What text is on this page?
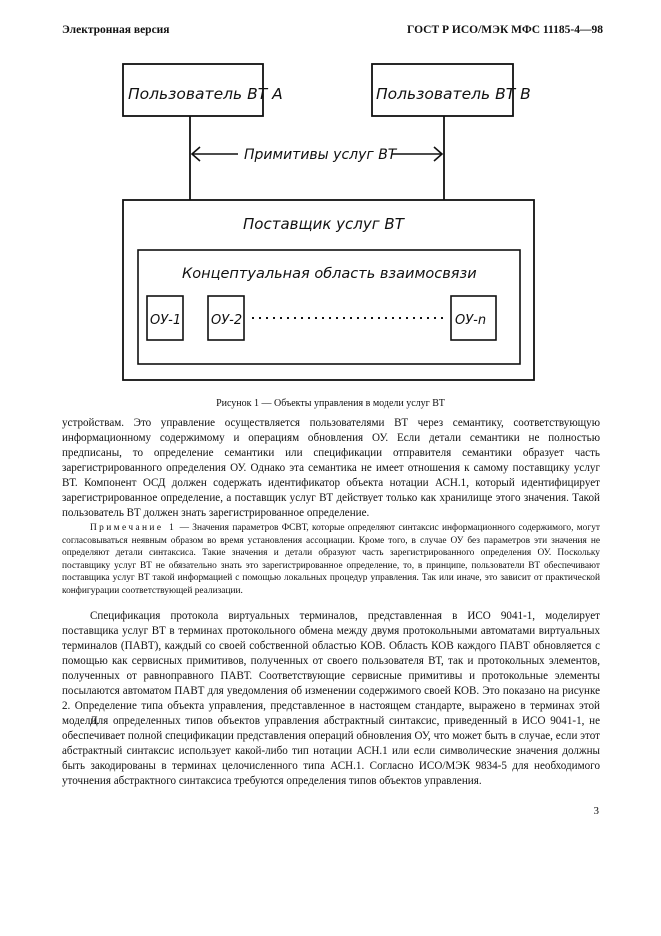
Электронная версия	ГОСТ Р ИСО/МЭК МФС 11185-4—98
Пользователь ВТ А	Пользователь ВТ В
Примитивы услуг ВТ
Поставщик услуг ВТ
Концептуальная область взаимосвязи
ОУ-1 ОУ-2	ОУ-n
Рисунок 1 — Объекты управления в модели услуг ВТ

устройствам. Это управление осуществляется пользователями ВТ через семантику, соответствующую информационному содержимому и операциям обновления ОУ. Если детали семантики не полностью предписаны, то определение семантики или спецификации отправителя семантики образует часть зарегистрированного определения ОУ. Однако эта семантика не имеет отношения к самому поставщику услуг ВТ. Компонент ОСД должен содержать идентификатор объекта нотации АСН.1, который идентифицирует зарегистрированное определение, а поставщик услуг ВТ действует только как хранилище этого значения. Такой пользователь ВТ должен знать зарегистрированное определение.

Примечание 1 — Значения параметров ФСВТ, которые определяют синтаксис информационного содержимого, могут согласовываться неявным образом во время установления ассоциации. Кроме того, в случае ОУ без параметров эти значения не определяют детали синтаксиса. Такие значения и детали образуют часть зарегистрированного определения ОУ. Поскольку поставщику услуг ВТ не обязательно знать это зарегистрированное определение, то, в принципе, пользователи ВТ обеспечивают поставщика услуг ВТ такой информацией с помощью локальных процедур управления. Так или иначе, это зависит от практической конфигурации соответствующей реализации.

Спецификация протокола виртуальных терминалов, представленная в ИСО 9041-1, моделирует поставщика услуг ВТ в терминах протокольного обмена между двумя протокольными автоматами виртуальных терминалов (ПАВТ), каждый со своей собственной областью КОВ. Область КОВ каждого ПАВТ обновляется с помощью как сервисных примитивов, полученных от своего пользователя ВТ, так и протокольных элементов, полученных от равноправного ПАВТ. Соответствующие сервисные примитивы и протокольные элементы посылаются автоматом ПАВТ для уведомления об изменении содержимого своей КОВ. Это показано на рисунке 2. Определение типа объекта управления, представленное в настоящем стандарте, выражено в терминах этой модели.

Для определенных типов объектов управления абстрактный синтаксис, приведенный в ИСО 9041-1, не обеспечивает полной спецификации представления операций обновления ОУ, что может быть в случае, если этот абстрактный синтаксис использует какой-либо тип нотации АСН.1 или если символические значения должны быть закодированы в терминах целочисленного типа АСН.1. Согласно ИСО/МЭК 9834-5 для необходимого уточнения абстрактного синтаксиса требуются определения типов объектов управления.

3
